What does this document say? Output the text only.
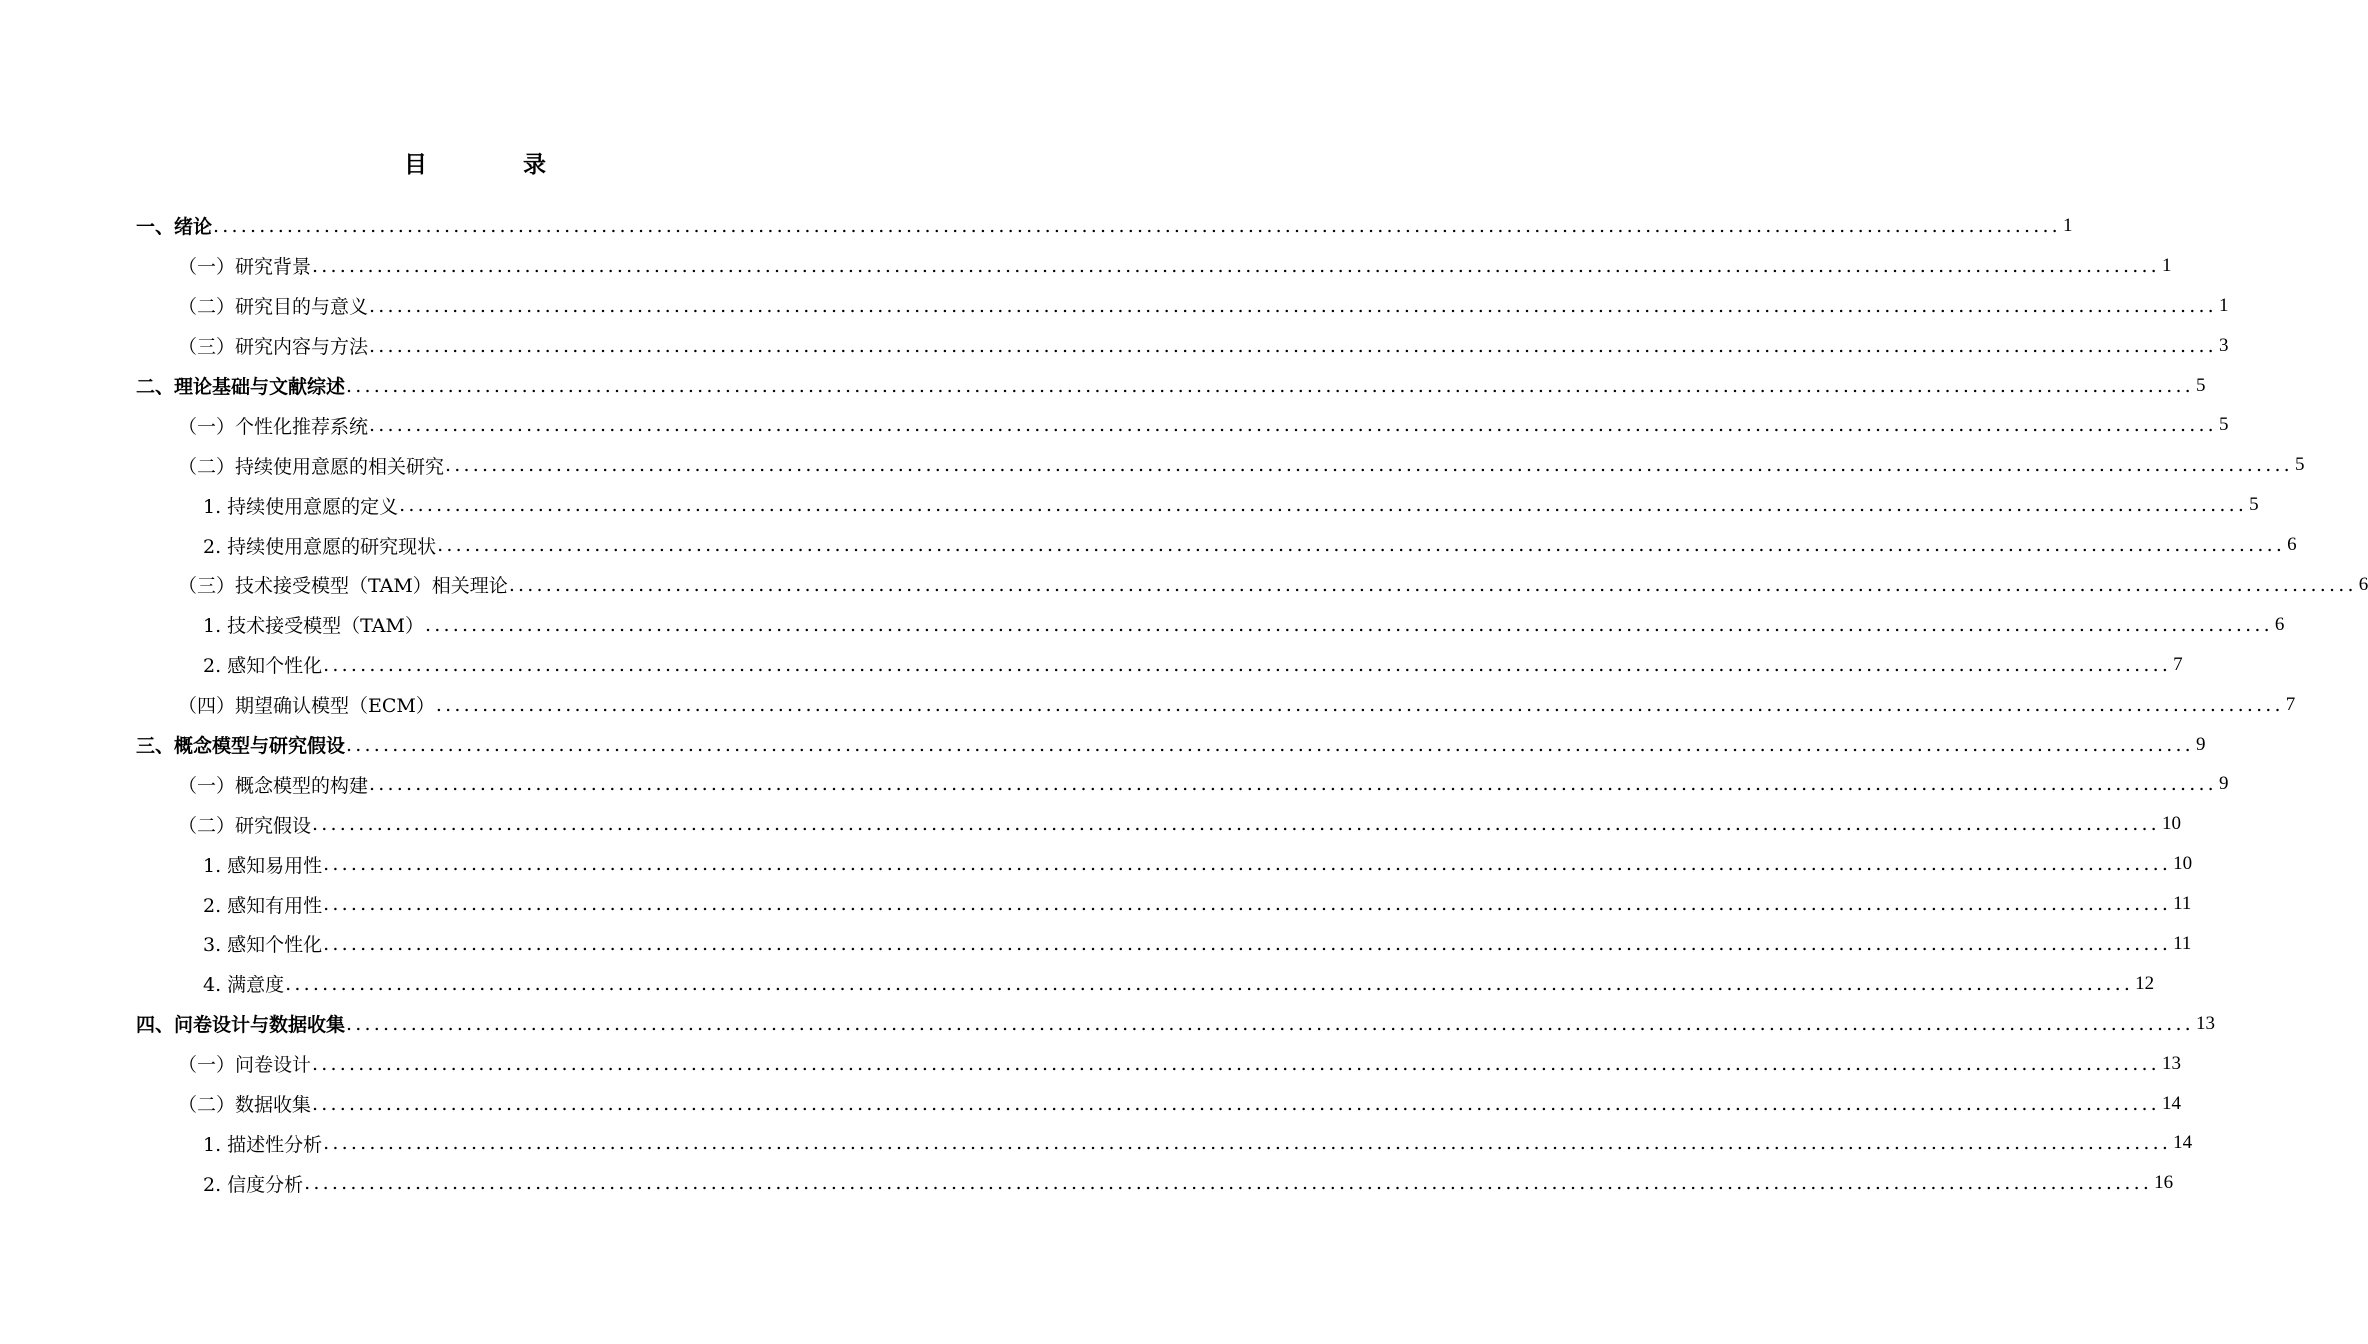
目	录
一、绪论 ........................................................................................................................................................................................................ 1
（一）研究背景 ........................................................................................................................................................................................................ 1
（二）研究目的与意义 ........................................................................................................................................................................................................ 1
（三）研究内容与方法 ........................................................................................................................................................................................................ 3
二、理论基础与文献综述 ........................................................................................................................................................................................................ 5
（一）个性化推荐系统 ........................................................................................................................................................................................................ 5
（二）持续使用意愿的相关研究 ........................................................................................................................................................................................................ 5
1. 持续使用意愿的定义 ........................................................................................................................................................................................................ 5
2. 持续使用意愿的研究现状 ........................................................................................................................................................................................................ 6
（三）技术接受模型（TAM）相关理论 ........................................................................................................................................................................................................ 6
1. 技术接受模型（TAM） ........................................................................................................................................................................................................ 6
2. 感知个性化 ........................................................................................................................................................................................................ 7
（四）期望确认模型（ECM） ........................................................................................................................................................................................................ 7
三、概念模型与研究假设 ........................................................................................................................................................................................................ 9
（一）概念模型的构建 ........................................................................................................................................................................................................ 9
（二）研究假设 ........................................................................................................................................................................................................ 10
1. 感知易用性 ........................................................................................................................................................................................................ 10
2. 感知有用性 ........................................................................................................................................................................................................ 11
3. 感知个性化 ........................................................................................................................................................................................................ 11
4. 满意度 ........................................................................................................................................................................................................ 12
四、问卷设计与数据收集 ........................................................................................................................................................................................................ 13
（一）问卷设计 ........................................................................................................................................................................................................ 13
（二）数据收集 ........................................................................................................................................................................................................ 14
1. 描述性分析 ........................................................................................................................................................................................................ 14
2. 信度分析 ........................................................................................................................................................................................................ 16
